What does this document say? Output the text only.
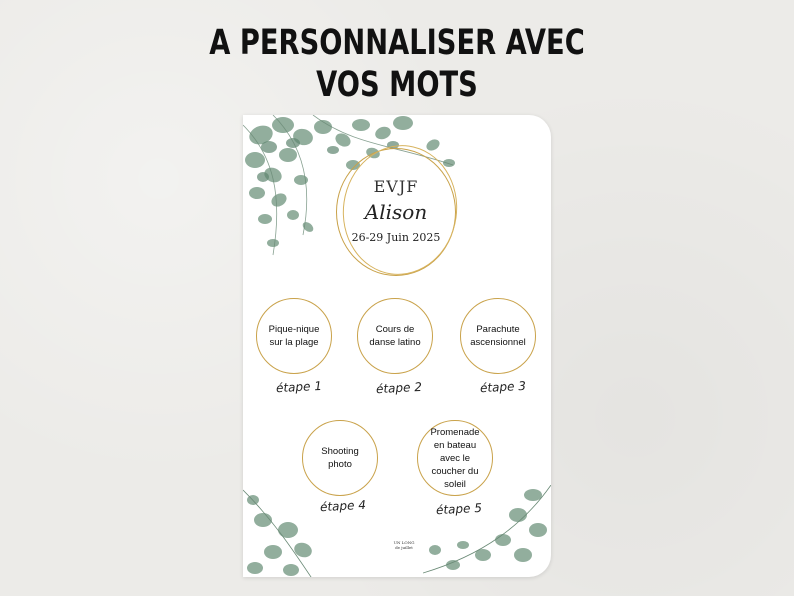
A PERSONNALISER AVEC
VOS MOTS
EVJF
Alison
26-29 Juin 2025
Pique-nique sur la plage
étape 1
Cours de danse latino
étape 2
Parachute ascensionnel
étape 3
Shooting photo
étape 4
Promenade en bateau avec le coucher du soleil
étape 5
UN LONG
de juillet
